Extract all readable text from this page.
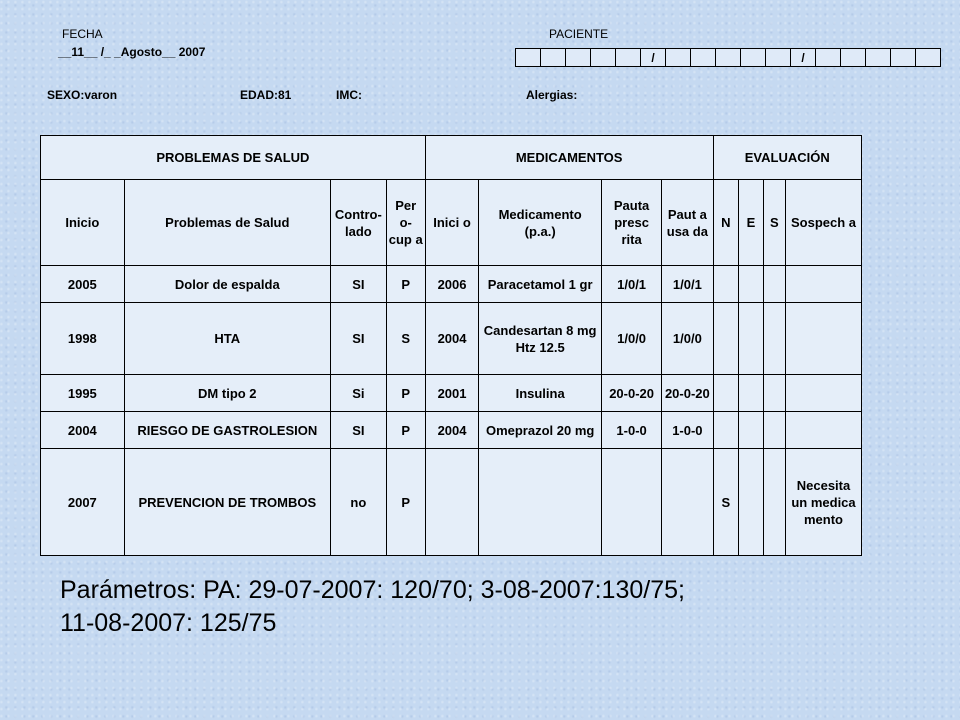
FECHA
__11__ /_ _Agosto__ 2007
PACIENTE
/	/
SEXO:varon	EDAD:81	IMC:	Alergias:
PROBLEMAS DE SALUD				MEDICAMENTOS				EVALUACIÓN			
Inicio	Problemas de Salud	Contro-lado	Per o-cup a	Inici o	Medicamento (p.a.)	Pauta presc rita	Paut a usa da	N	E	S	Sospech a
2005	Dolor de espalda	SI	P	2006	Paracetamol 1 gr	1/0/1	1/0/1				
1998	HTA	SI	S	2004	Candesartan 8 mg Htz 12.5	1/0/0	1/0/0				
1995	DM tipo 2	Si	P	2001	Insulina	20-0-20	20-0-20				
2004	RIESGO DE GASTROLESION	SI	P	2004	Omeprazol 20 mg	1-0-0	1-0-0				
2007	PREVENCION DE TROMBOS	no	P					S			Necesita un medica mento
Parámetros: PA: 29-07-2007: 120/70; 3-08-2007:130/75; 11-08-2007: 125/75
